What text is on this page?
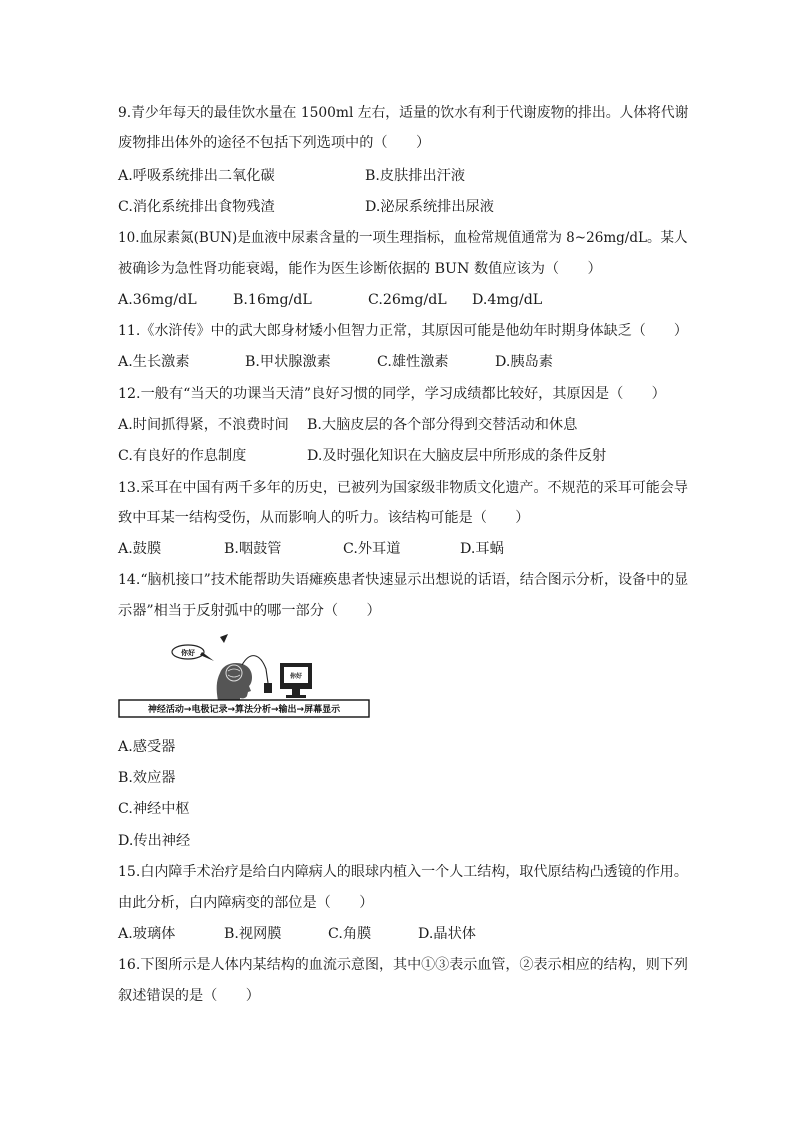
9.青少年每天的最佳饮水量在 1500ml 左右，适量的饮水有利于代谢废物的排出。人体将代谢
废物排出体外的途径不包括下列选项中的（　　）
A.呼吸系统排出二氧化碳	B.皮肤排出汗液
C.消化系统排出食物残渣	D.泌尿系统排出尿液
10.血尿素氮(BUN)是血液中尿素含量的一项生理指标，血检常规值通常为 8~26mg/dL。某人
被确诊为急性肾功能衰竭，能作为医生诊断依据的 BUN 数值应该为（　　）
A.36mg/dL	B.16mg/dL	C.26mg/dL D.4mg/dL
11.《水浒传》中的武大郎身材矮小但智力正常，其原因可能是他幼年时期身体缺乏（　　）
A.生长激素	B.甲状腺激素	C.雄性激素	D.胰岛素
12.一般有“当天的功课当天清”良好习惯的同学，学习成绩都比较好，其原因是（　　）
A.时间抓得紧，不浪费时间 B.大脑皮层的各个部分得到交替活动和休息
C.有良好的作息制度	D.及时强化知识在大脑皮层中所形成的条件反射
13.采耳在中国有两千多年的历史，已被列为国家级非物质文化遗产。不规范的采耳可能会导
致中耳某一结构受伤，从而影响人的听力。该结构可能是（　　）
A.鼓膜	B.咽鼓管	C.外耳道	D.耳蜗
14.“脑机接口”技术能帮助失语瘫痪患者快速显示出想说的话语，结合图示分析，设备中的显
示器”相当于反射弧中的哪一部分（　　）
你好
你好
神经活动→电极记录→算法分析→输出→屏幕显示
A.感受器
B.效应器
C.神经中枢
D.传出神经
15.白内障手术治疗是给白内障病人的眼球内植入一个人工结构，取代原结构凸透镜的作用。
由此分析，白内障病变的部位是（　　）
A.玻璃体	B.视网膜	C.角膜	D.晶状体
16.下图所示是人体内某结构的血流示意图，其中①③表示血管，②表示相应的结构，则下列
叙述错误的是（　　）
